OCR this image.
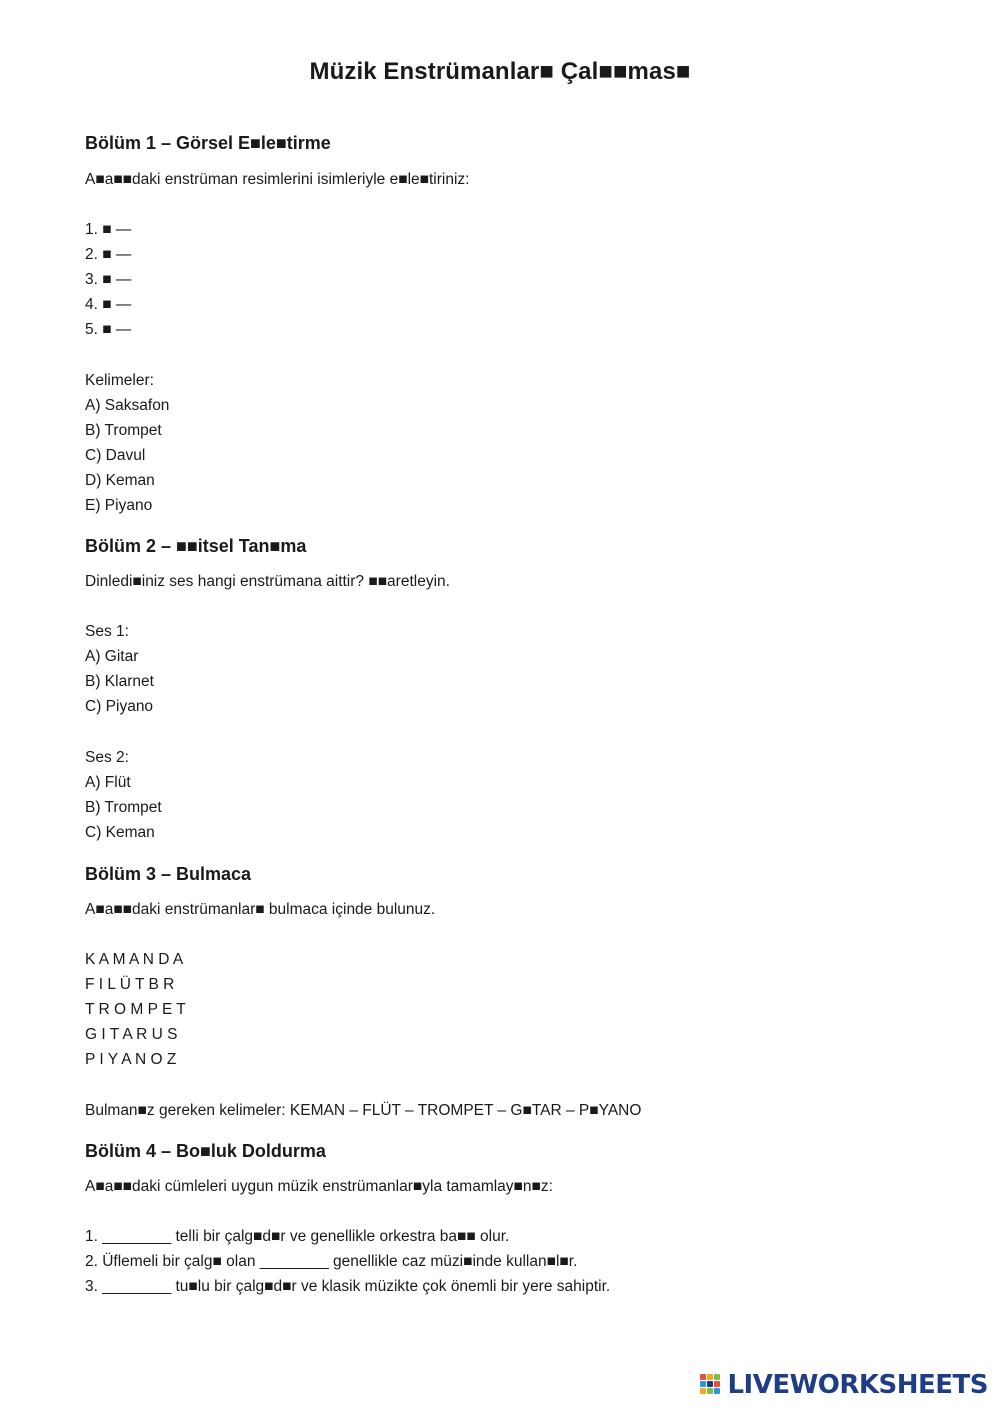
Müzik Enstrümanlar■ Çal■■mas■
Bölüm 1 – Görsel E■le■tirme
A■a■■daki enstrüman resimlerini isimleriyle e■le■tiriniz:
1. ■ —
2. ■ —
3. ■ —
4. ■ —
5. ■ —
Kelimeler:
A) Saksafon
B) Trompet
C) Davul
D) Keman
E) Piyano
Bölüm 2 – ■■itsel Tan■ma
Dinledi■iniz ses hangi enstrümana aittir? ■■aretleyin.
Ses 1:
A) Gitar
B) Klarnet
C) Piyano
Ses 2:
A) Flüt
B) Trompet
C) Keman
Bölüm 3 – Bulmaca
A■a■■daki enstrümanlar■ bulmaca içinde bulunuz.
K A M A N D A
F I L Ü T B R
T R O M P E T
G I T A R U S
P I Y A N O Z
Bulman■z gereken kelimeler: KEMAN – FLÜT – TROMPET – G■TAR – P■YANO
Bölüm 4 – Bo■luk Doldurma
A■a■■daki cümleleri uygun müzik enstrümanlar■yla tamamlay■n■z:
1. ________ telli bir çalg■d■r ve genellikle orkestra ba■■ olur.
2. Üflemeli bir çalg■ olan ________ genellikle caz müzi■inde kullan■l■r.
3. ________ tu■lu bir çalg■d■r ve klasik müzikte çok önemli bir yere sahiptir.
LIVEWORKSHEETS
